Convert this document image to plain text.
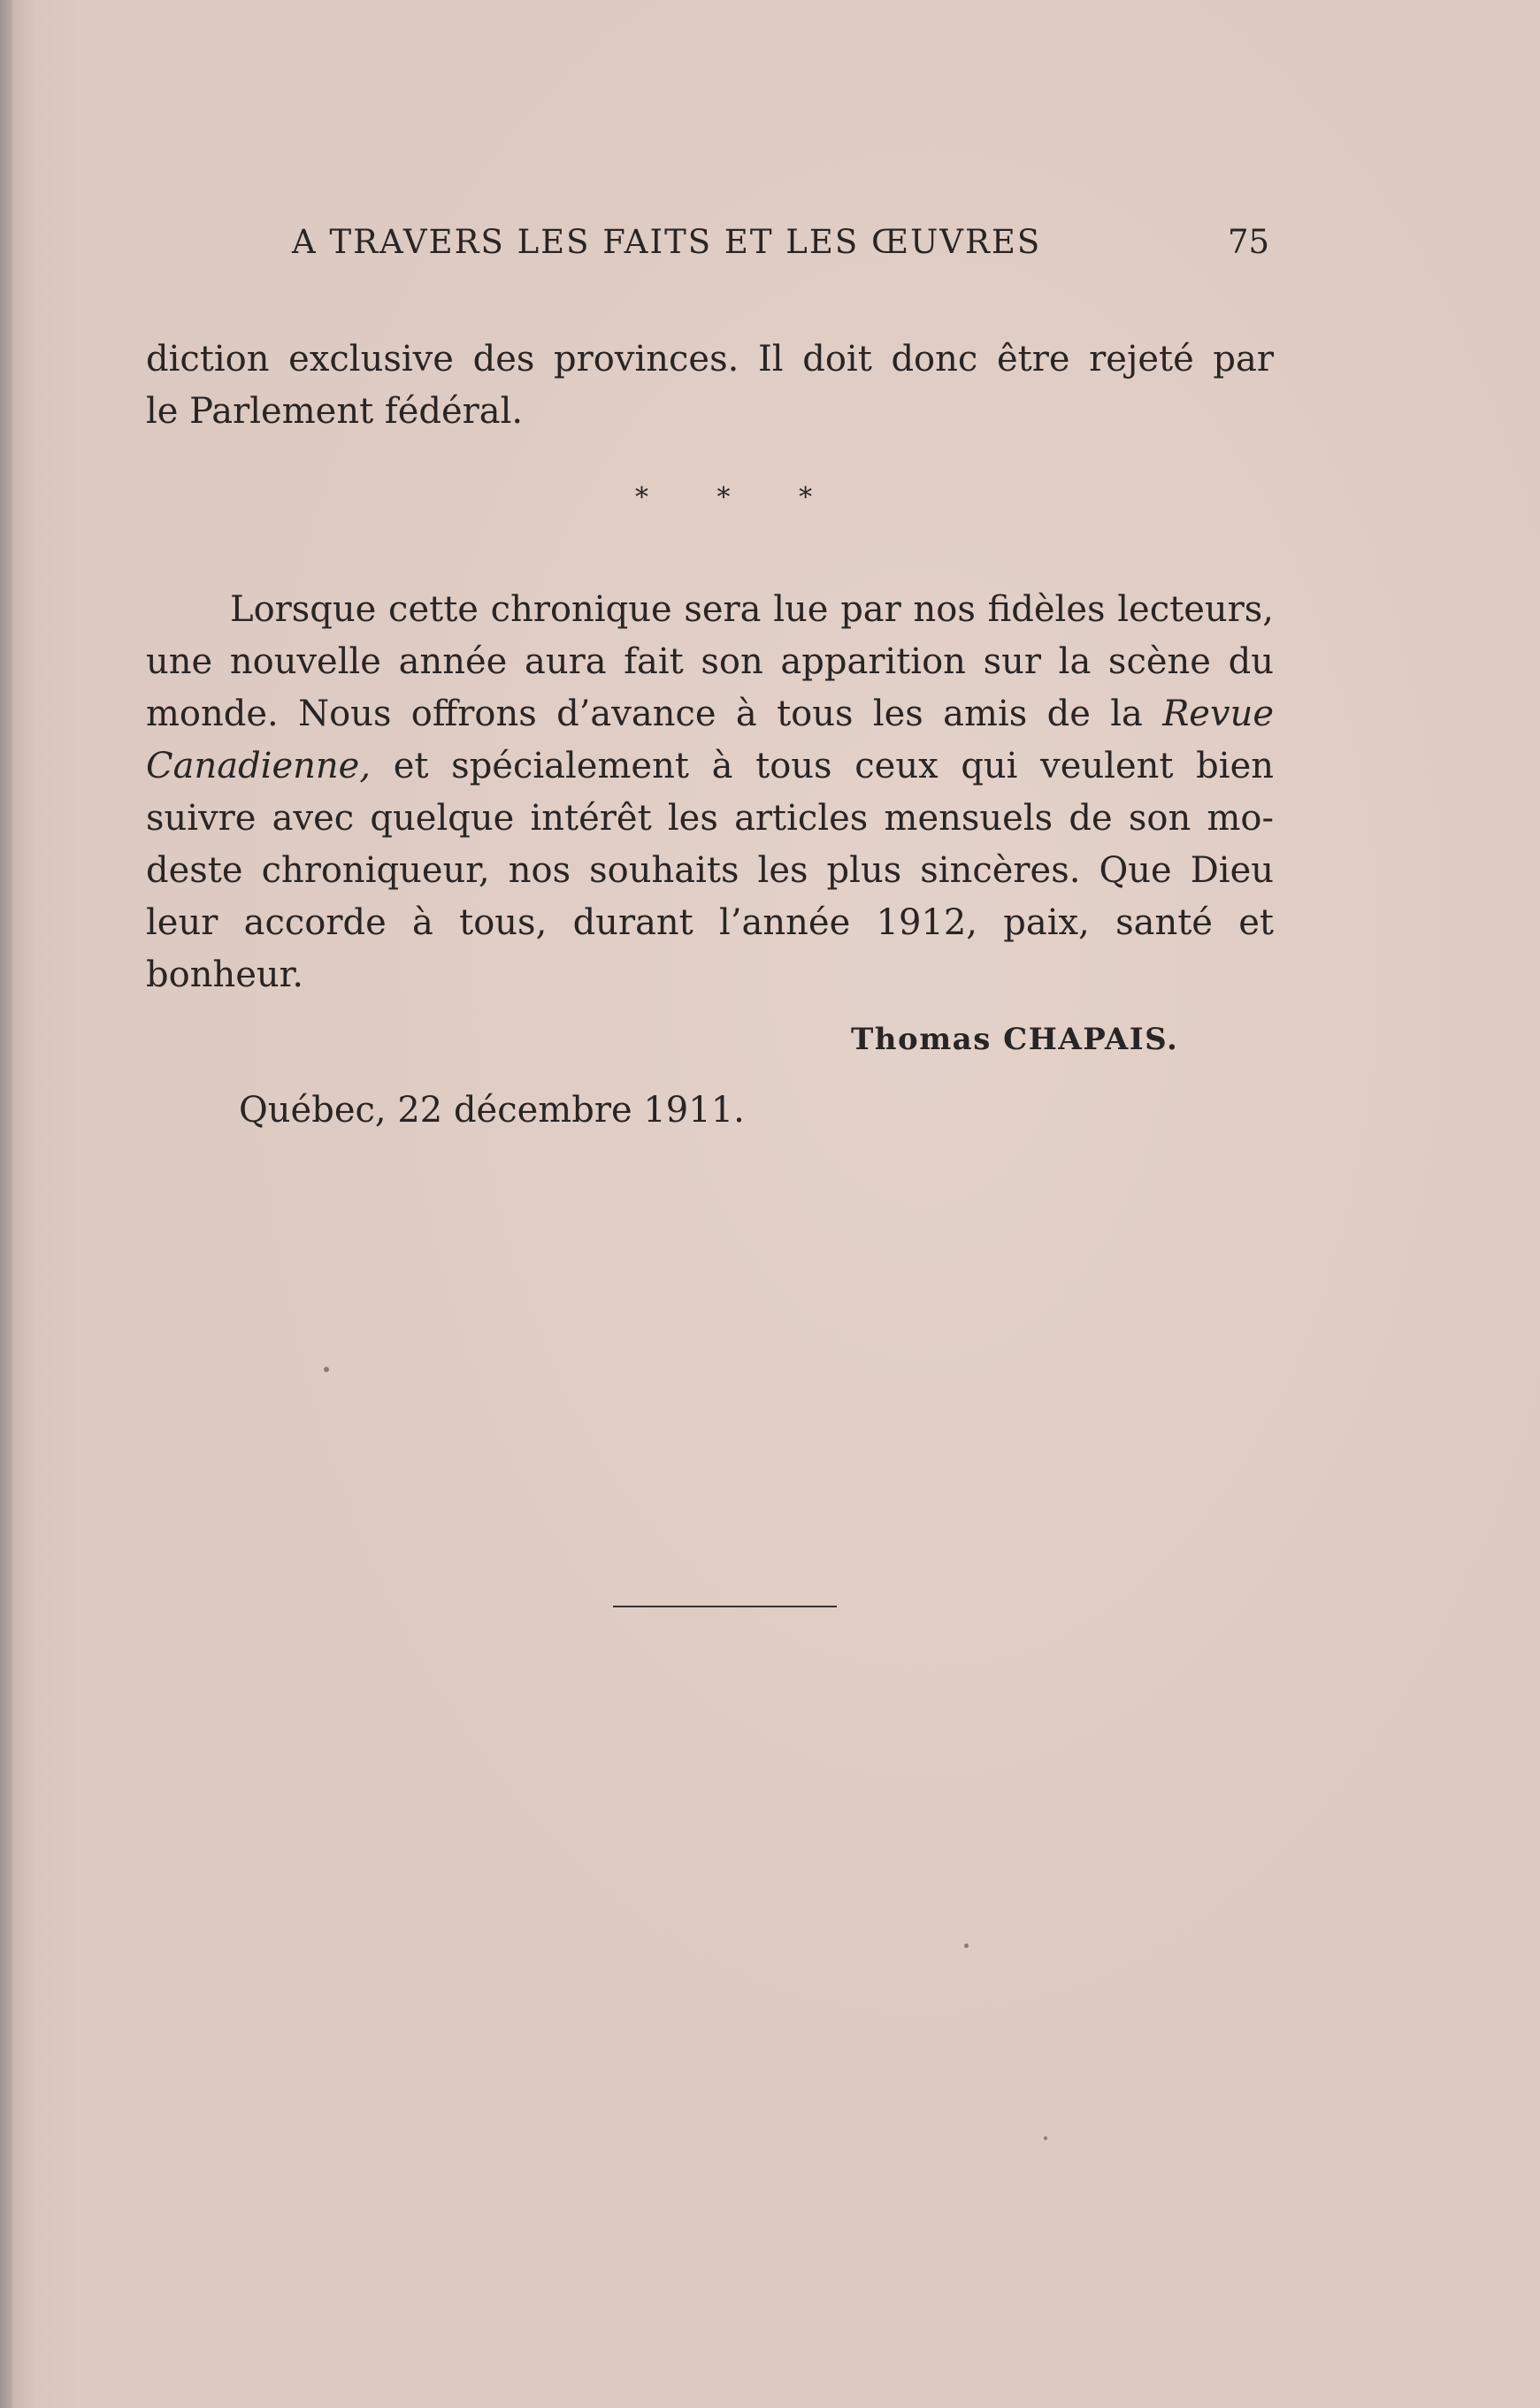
A TRAVERS LES FAITS ET LES ŒUVRES	75
diction exclusive des provinces. Il doit donc être rejeté par
le Parlement fédéral.
* * *
Lorsque cette chronique sera lue par nos fidèles lecteurs,
une nouvelle année aura fait son apparition sur la scène du
monde. Nous offrons d’avance à tous les amis de la Revue
Canadienne, et spécialement à tous ceux qui veulent bien
suivre avec quelque intérêt les articles mensuels de son mo-
deste chroniqueur, nos souhaits les plus sincères. Que Dieu
leur accorde à tous, durant l’année 1912, paix, santé et
bonheur.
Thomas CHAPAIS.
Québec, 22 décembre 1911.
